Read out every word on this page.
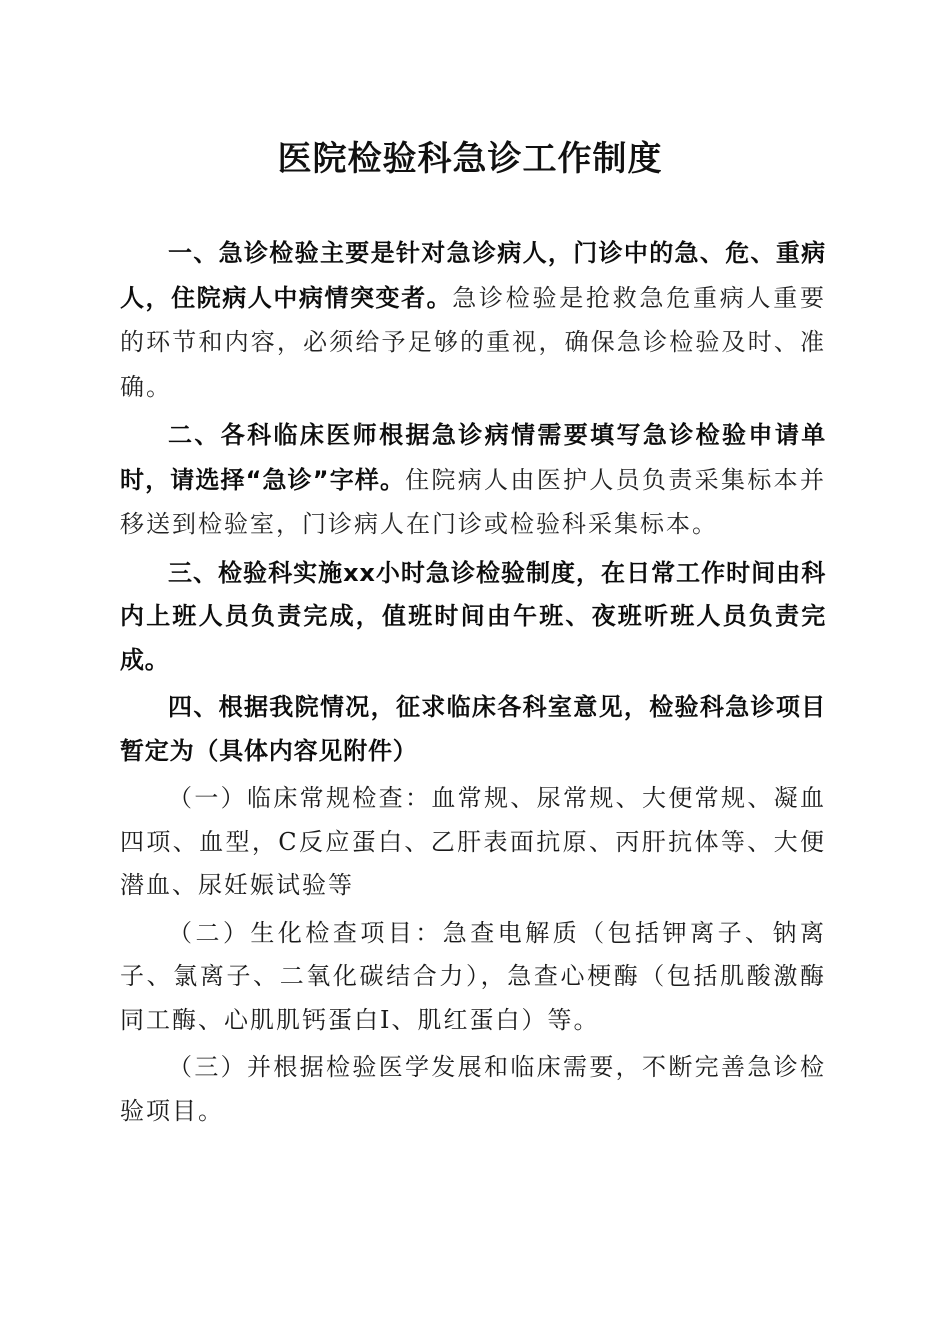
医院检验科急诊工作制度

一、急诊检验主要是针对急诊病人，门诊中的急、危、重病人，住院病人中病情突变者。急诊检验是抢救急危重病人重要的环节和内容，必须给予足够的重视，确保急诊检验及时、准确。

二、各科临床医师根据急诊病情需要填写急诊检验申请单时，请选择“急诊”字样。住院病人由医护人员负责采集标本并移送到检验室，门诊病人在门诊或检验科采集标本。

三、检验科实施xx小时急诊检验制度，在日常工作时间由科内上班人员负责完成，值班时间由午班、夜班听班人员负责完成。

四、根据我院情况，征求临床各科室意见，检验科急诊项目暂定为（具体内容见附件）

（一）临床常规检查：血常规、尿常规、大便常规、凝血四项、血型，C反应蛋白、乙肝表面抗原、丙肝抗体等、大便潜血、尿妊娠试验等

（二）生化检查项目：急查电解质（包括钾离子、钠离子、氯离子、二氧化碳结合力），急查心梗酶（包括肌酸激酶同工酶、心肌肌钙蛋白I、肌红蛋白）等。

（三）并根据检验医学发展和临床需要，不断完善急诊检验项目。
